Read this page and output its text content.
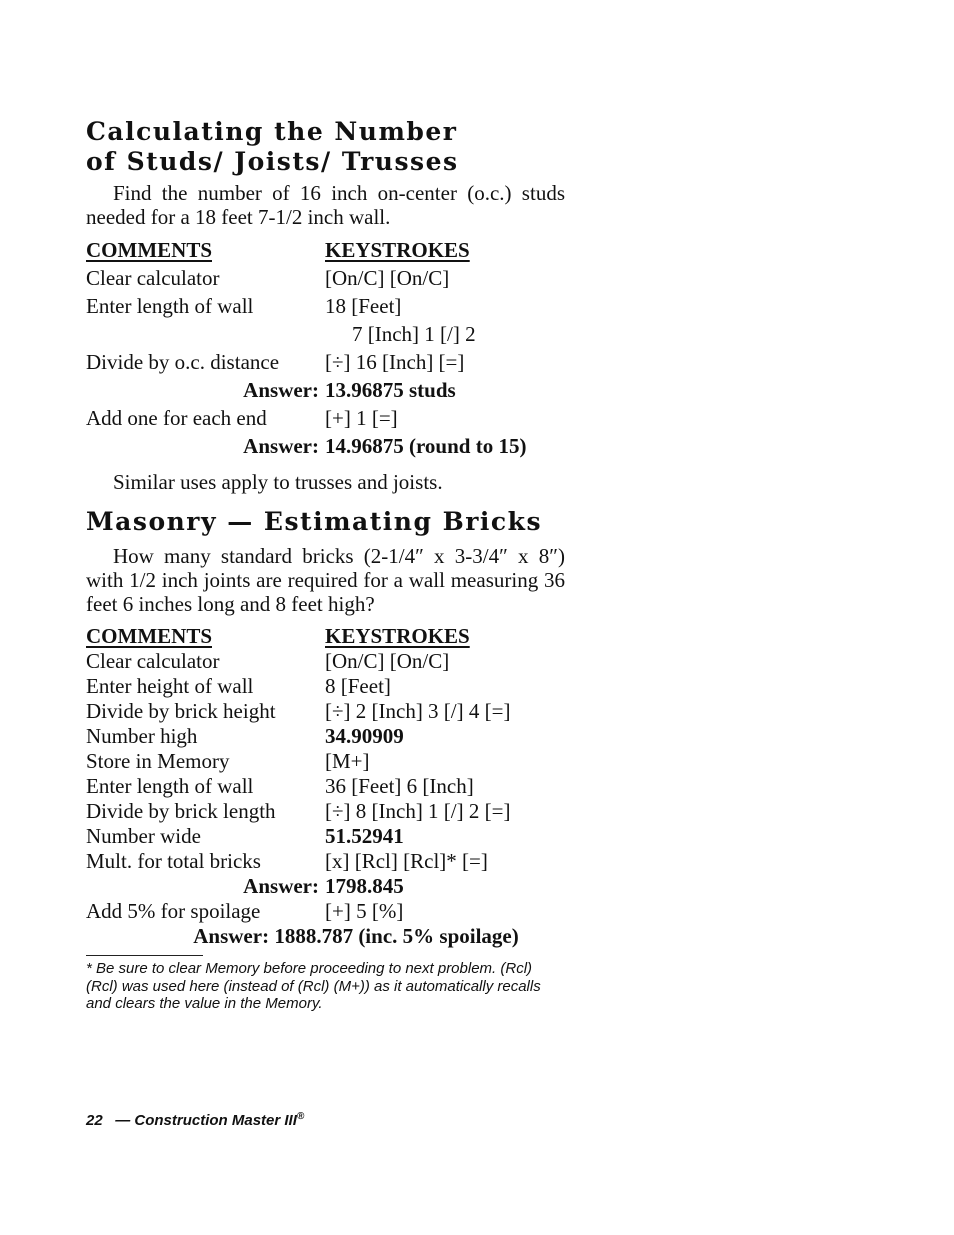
Calculating the Number
of Studs/ Joists/ Trusses
Find the number of 16 inch on-center (o.c.) studs needed for a 18 feet 7-1/2 inch wall.
COMMENTS	KEYSTROKES
Clear calculator	[On/C] [On/C]
Enter length of wall	18 [Feet]
7 [Inch] 1 [/] 2
Divide by o.c. distance [÷] 16 [Inch] [=]
Answer: 13.96875 studs
Add one for each end	[+] 1 [=]
Answer: 14.96875 (round to 15)
Similar uses apply to trusses and joists.
Masonry — Estimating Bricks
How many standard bricks (2-1/4″ x 3-3/4″ x 8″) with 1/2 inch joints are required for a wall measuring 36 feet 6 inches long and 8 feet high?
COMMENTS	KEYSTROKES
Clear calculator	[On/C] [On/C]
Enter height of wall	8 [Feet]
Divide by brick height [÷] 2 [Inch] 3 [/] 4 [=]
Number high	34.90909
Store in Memory	[M+]
Enter length of wall	36 [Feet] 6 [Inch]
Divide by brick length [÷] 8 [Inch] 1 [/] 2 [=]
Number wide	51.52941
Mult. for total bricks	[x] [Rcl] [Rcl]* [=]
Answer: 1798.845
Add 5% for spoilage	[+] 5 [%]
Answer: 1888.787 (inc. 5% spoilage)
* Be sure to clear Memory before proceeding to next problem. (Rcl) (Rcl) was used here (instead of (Rcl) (M+)) as it automatically recalls and clears the value in the Memory.
22 — Construction Master III®
